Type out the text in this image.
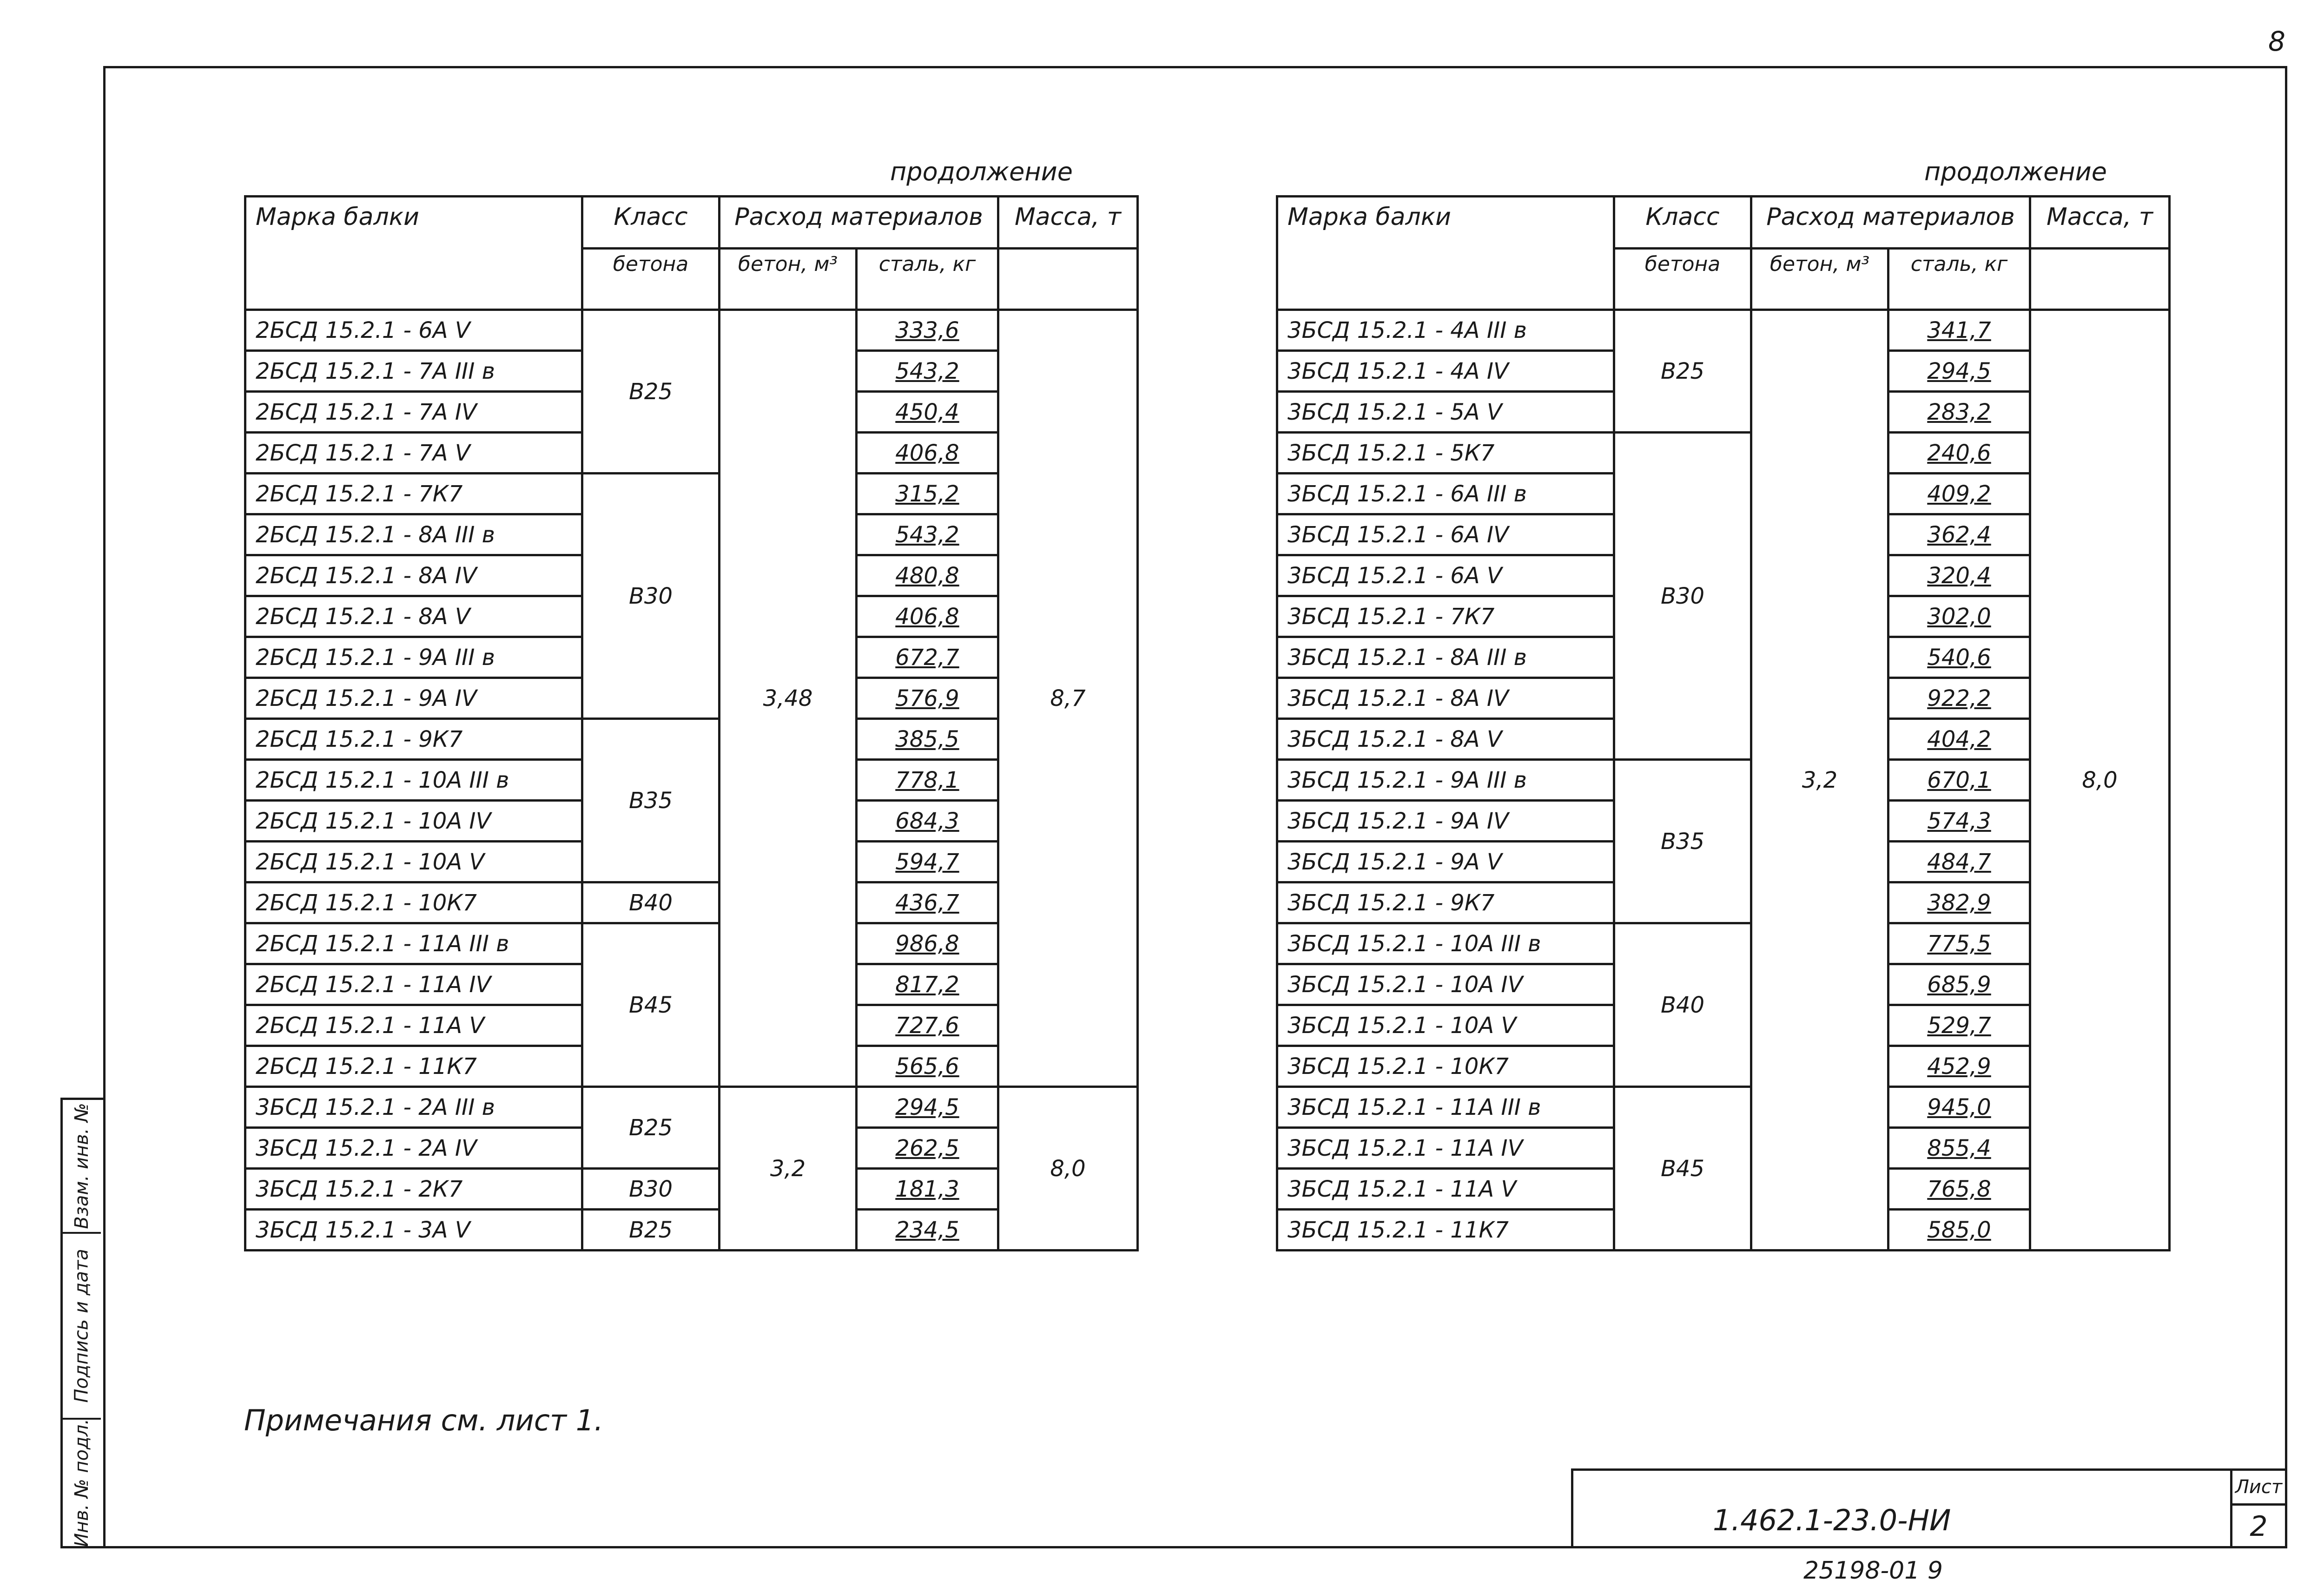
8
Взам. инв. №
Подпись и дата
Инв. № подл.
продолжение
Марка балки	Класс	Расход материалов		Масса, т
	бетона	бетон, м³	сталь, кг	
2БСД 15.2.1 - 6А V	В25	3,48	333,6	8,7
2БСД 15.2.1 - 7А III в			543,2	
2БСД 15.2.1 - 7А IV			450,4	
2БСД 15.2.1 - 7А V			406,8	
2БСД 15.2.1 - 7К7	В30		315,2	
2БСД 15.2.1 - 8А III в			543,2	
2БСД 15.2.1 - 8А IV			480,8	
2БСД 15.2.1 - 8А V			406,8	
2БСД 15.2.1 - 9А III в			672,7	
2БСД 15.2.1 - 9А IV			576,9	
2БСД 15.2.1 - 9К7	В35		385,5	
2БСД 15.2.1 - 10А III в			778,1	
2БСД 15.2.1 - 10А IV			684,3	
2БСД 15.2.1 - 10А V			594,7	
2БСД 15.2.1 - 10К7	В40		436,7	
2БСД 15.2.1 - 11А III в	В45		986,8	
2БСД 15.2.1 - 11А IV			817,2	
2БСД 15.2.1 - 11А V			727,6	
2БСД 15.2.1 - 11К7			565,6	
3БСД 15.2.1 - 2А III в	В25	3,2	294,5	8,0
3БСД 15.2.1 - 2А IV			262,5	
3БСД 15.2.1 - 2К7	В30		181,3	
3БСД 15.2.1 - 3А V	В25		234,5	
продолжение
Марка балки	Класс	Расход материалов		Масса, т
	бетона	бетон, м³	сталь, кг	
3БСД 15.2.1 - 4А III в	В25	3,2	341,7	8,0
3БСД 15.2.1 - 4А IV			294,5	
3БСД 15.2.1 - 5А V			283,2	
3БСД 15.2.1 - 5К7	В30		240,6	
3БСД 15.2.1 - 6А III в			409,2	
3БСД 15.2.1 - 6А IV			362,4	
3БСД 15.2.1 - 6А V			320,4	
3БСД 15.2.1 - 7К7			302,0	
3БСД 15.2.1 - 8А III в			540,6	
3БСД 15.2.1 - 8А IV			922,2	
3БСД 15.2.1 - 8А V			404,2	
3БСД 15.2.1 - 9А III в	В35		670,1	
3БСД 15.2.1 - 9А IV			574,3	
3БСД 15.2.1 - 9А V			484,7	
3БСД 15.2.1 - 9К7			382,9	
3БСД 15.2.1 - 10А III в	В40		775,5	
3БСД 15.2.1 - 10А IV			685,9	
3БСД 15.2.1 - 10А V			529,7	
3БСД 15.2.1 - 10К7			452,9	
3БСД 15.2.1 - 11А III в	В45		945,0	
3БСД 15.2.1 - 11А IV			855,4	
3БСД 15.2.1 - 11А V			765,8	
3БСД 15.2.1 - 11К7			585,0	
Примечания см. лист 1.
1.462.1-23.0-НИ
Лист
2
25198-01 9
